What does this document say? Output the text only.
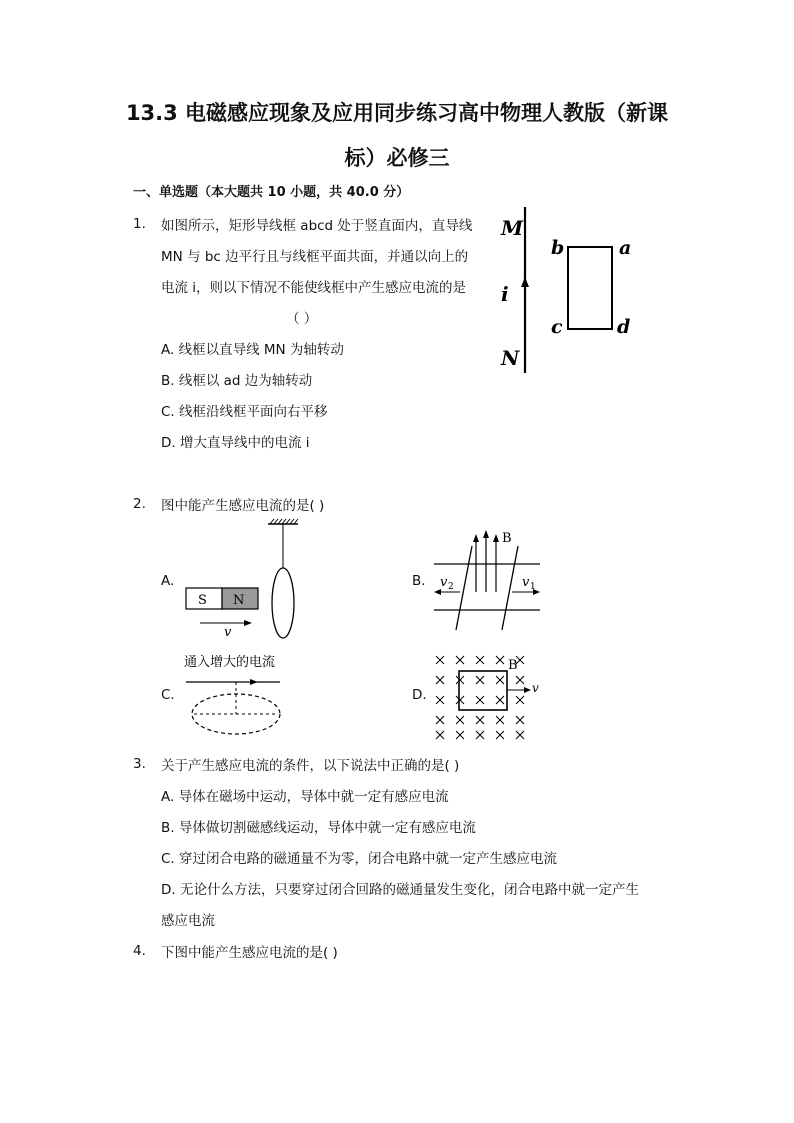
13.3 电磁感应现象及应用同步练习高中物理人教版（新课
标）必修三
一、单选题（本大题共 10 小题，共 40.0 分）
1. 如图所示，矩形导线框 abcd 处于竖直面内，直导线
MN 与 bc 边平行且与线框平面共面，并通以向上的
电流 i，则以下情况不能使线框中产生感应电流的是
（ ）
A. 线框以直导线 MN 为轴转动
B. 线框以 ad 边为轴转动
C. 线框沿线框平面向右平移
D. 增大直导线中的电流 i
M
N
i
b	a
c	d
2. 图中能产生感应电流的是( )
A.	B.
C.	D.
S N
v
B
v 2	v 1
通入增大的电流	B
v
3. 关于产生感应电流的条件，以下说法中正确的是( )
A. 导体在磁场中运动，导体中就一定有感应电流
B. 导体做切割磁感线运动，导体中就一定有感应电流
C. 穿过闭合电路的磁通量不为零，闭合电路中就一定产生感应电流
D. 无论什么方法，只要穿过闭合回路的磁通量发生变化，闭合电路中就一定产生
感应电流
4. 下图中能产生感应电流的是( )
